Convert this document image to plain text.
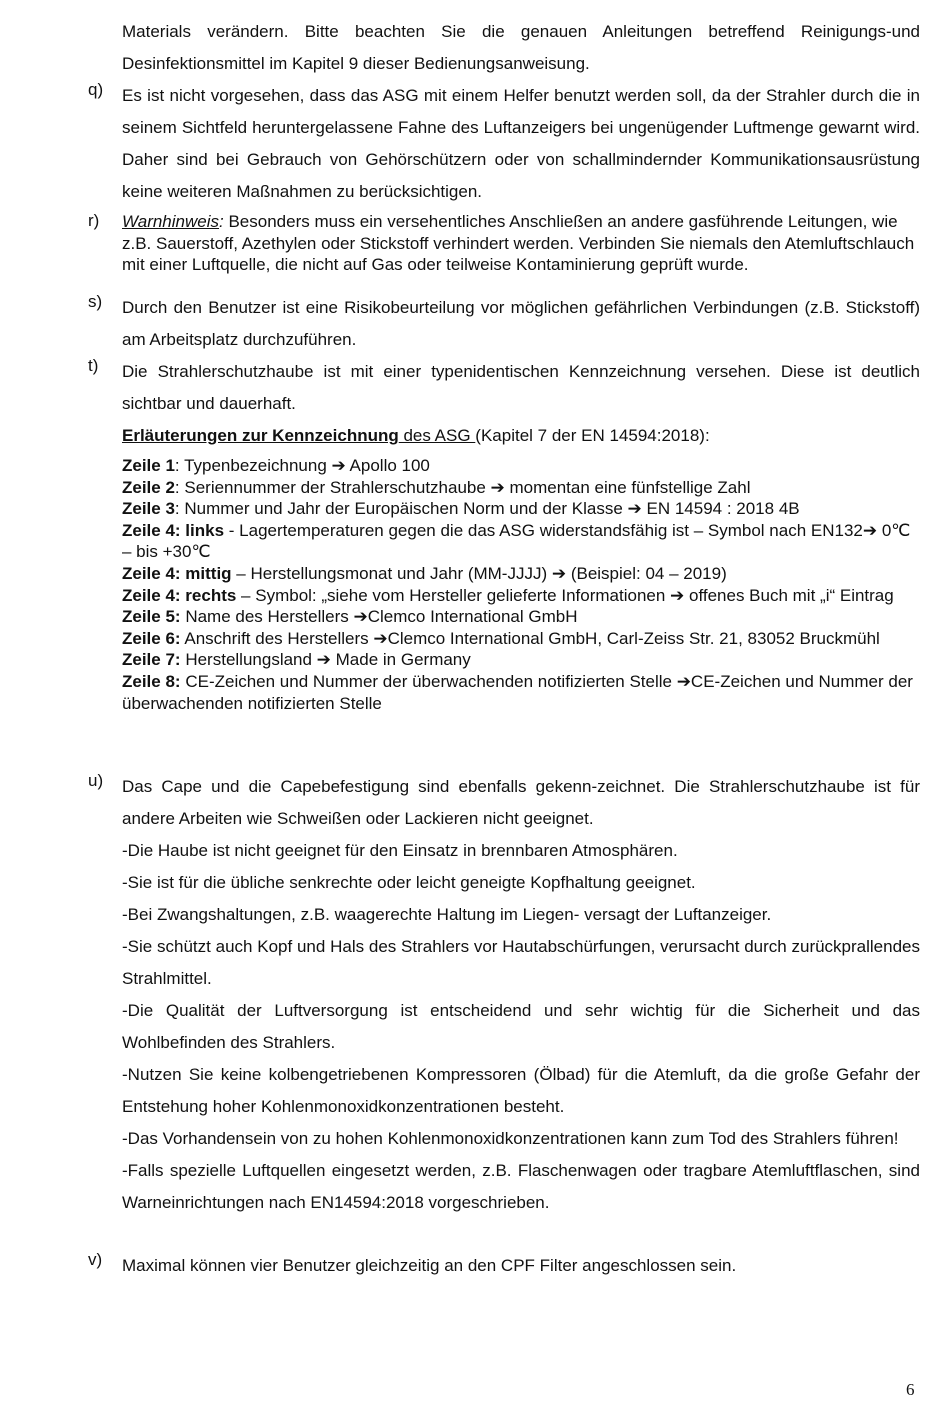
Materials verändern. Bitte beachten Sie die genauen Anleitungen betreffend Reinigungs-und Desinfektionsmittel im Kapitel 9 dieser Bedienungsanweisung.
q) Es ist nicht vorgesehen, dass das ASG mit einem Helfer benutzt werden soll, da der Strahler durch die in seinem Sichtfeld heruntergelassene Fahne des Luftanzeigers bei ungenügender Luftmenge gewarnt wird. Daher sind bei Gebrauch von Gehörschützern oder von schallmindernder Kommunikationsausrüstung keine weiteren Maßnahmen zu berücksichtigen.
r) Warnhinweis: Besonders muss ein versehentliches Anschließen an andere gasführende Leitungen, wie z.B. Sauerstoff, Azethylen oder Stickstoff verhindert werden. Verbinden Sie niemals den Atemluftschlauch mit einer Luftquelle, die nicht auf Gas oder teilweise Kontaminierung geprüft wurde.
s) Durch den Benutzer ist eine Risikobeurteilung vor möglichen gefährlichen Verbindungen (z.B. Stickstoff) am Arbeitsplatz durchzuführen.
t) Die Strahlerschutzhaube ist mit einer typenidentischen Kennzeichnung versehen. Diese ist deutlich sichtbar und dauerhaft.
Erläuterungen zur Kennzeichnung des ASG (Kapitel 7 der EN 14594:2018):
Zeile 1: Typenbezeichnung ➔ Apollo 100
Zeile 2: Seriennummer der Strahlerschutzhaube ➔ momentan eine fünfstellige Zahl
Zeile 3: Nummer und Jahr der Europäischen Norm und der Klasse ➔ EN 14594 : 2018 4B
Zeile 4: links - Lagertemperaturen gegen die das ASG widerstandsfähig ist – Symbol nach EN132➔ 0℃ – bis +30℃
Zeile 4: mittig – Herstellungsmonat und Jahr (MM-JJJJ) ➔ (Beispiel: 04 – 2019)
Zeile 4: rechts – Symbol: „siehe vom Hersteller gelieferte Informationen ➔ offenes Buch mit „i“ Eintrag
Zeile 5: Name des Herstellers ➔Clemco International GmbH
Zeile 6: Anschrift des Herstellers ➔Clemco International GmbH, Carl-Zeiss Str. 21, 83052 Bruckmühl
Zeile 7: Herstellungsland ➔ Made in Germany
Zeile 8: CE-Zeichen und Nummer der überwachenden notifizierten Stelle ➔CE-Zeichen und Nummer der überwachenden notifizierten Stelle
u) Das Cape und die Capebefestigung sind ebenfalls gekenn-zeichnet. Die Strahlerschutzhaube ist für andere Arbeiten wie Schweißen oder Lackieren nicht geeignet.
-Die Haube ist nicht geeignet für den Einsatz in brennbaren Atmosphären.
-Sie ist für die übliche senkrechte oder leicht geneigte Kopfhaltung geeignet.
-Bei Zwangshaltungen, z.B. waagerechte Haltung im Liegen- versagt der Luftanzeiger.
-Sie schützt auch Kopf und Hals des Strahlers vor Hautabschürfungen, verursacht durch zurückprallendes Strahlmittel.
-Die Qualität der Luftversorgung ist entscheidend und sehr wichtig für die Sicherheit und das Wohlbefinden des Strahlers.
-Nutzen Sie keine kolbengetriebenen Kompressoren (Ölbad) für die Atemluft, da die große Gefahr der Entstehung hoher Kohlenmonoxidkonzentrationen besteht.
-Das Vorhandensein von zu hohen Kohlenmonoxidkonzentrationen kann zum Tod des Strahlers führen!
-Falls spezielle Luftquellen eingesetzt werden, z.B. Flaschenwagen oder tragbare Atemluftflaschen, sind Warneinrichtungen nach EN14594:2018 vorgeschrieben.
v) Maximal können vier Benutzer gleichzeitig an den CPF Filter angeschlossen sein.
6
